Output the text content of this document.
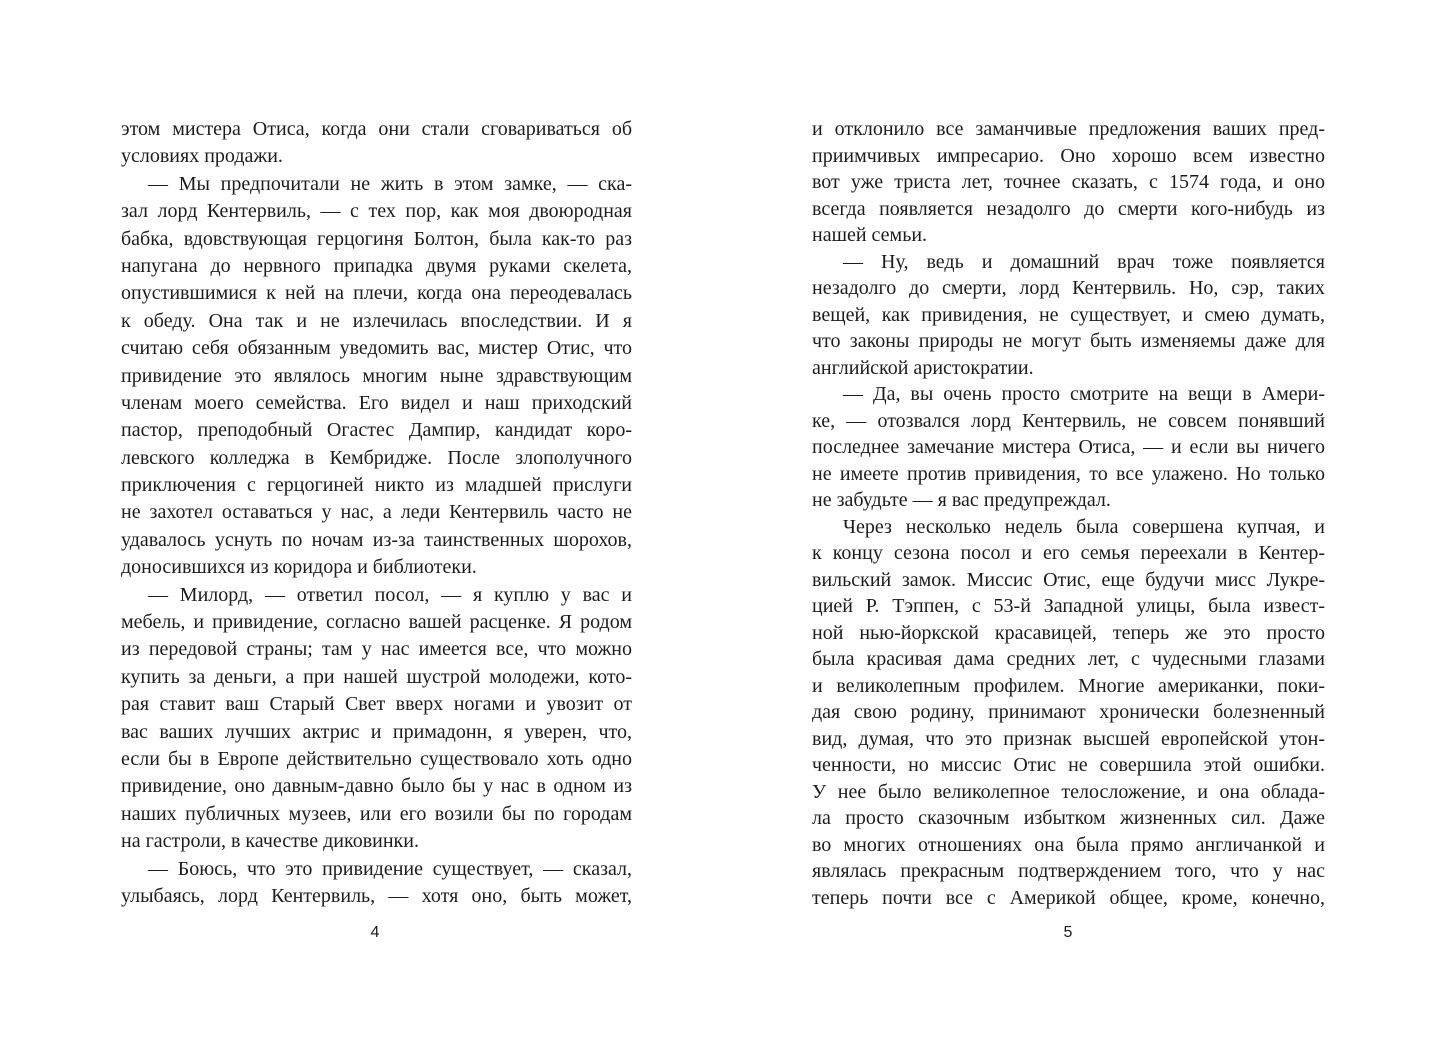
этом мистера Отиса, когда они стали сговариваться об
условиях продажи.
— Мы предпочитали не жить в этом замке, — ска-
зал лорд Кентервиль, — с тех пор, как моя двоюродная
бабка, вдовствующая герцогиня Болтон, была как-то раз
напугана до нервного припадка двумя руками скелета,
опустившимися к ней на плечи, когда она переодевалась
к обеду. Она так и не излечилась впоследствии. И я
считаю себя обязанным уведомить вас, мистер Отис, что
привидение это являлось многим ныне здравствующим
членам моего семейства. Его видел и наш приходский
пастор, преподобный Огастес Дампир, кандидат коро-
левского колледжа в Кембридже. После злополучного
приключения с герцогиней никто из младшей прислуги
не захотел оставаться у нас, а леди Кентервиль часто не
удавалось уснуть по ночам из-за таинственных шорохов,
доносившихся из коридора и библиотеки.
— Милорд, — ответил посол, — я куплю у вас и
мебель, и привидение, согласно вашей расценке. Я родом
из передовой страны; там у нас имеется все, что можно
купить за деньги, а при нашей шустрой молодежи, кото-
рая ставит ваш Старый Свет вверх ногами и увозит от
вас ваших лучших актрис и примадонн, я уверен, что,
если бы в Европе действительно существовало хоть одно
привидение, оно давным-давно было бы у нас в одном из
наших публичных музеев, или его возили бы по городам
на гастроли, в качестве диковинки.
— Боюсь, что это привидение существует, — сказал,
улыбаясь, лорд Кентервиль, — хотя оно, быть может,
4
и отклонило все заманчивые предложения ваших пред-
приимчивых импресарио. Оно хорошо всем известно
вот уже триста лет, точнее сказать, с 1574 года, и оно
всегда появляется незадолго до смерти кого-нибудь из
нашей семьи.
— Ну, ведь и домашний врач тоже появляется
незадолго до смерти, лорд Кентервиль. Но, сэр, таких
вещей, как привидения, не существует, и смею думать,
что законы природы не могут быть изменяемы даже для
английской аристократии.
— Да, вы очень просто смотрите на вещи в Амери-
ке, — отозвался лорд Кентервиль, не совсем понявший
последнее замечание мистера Отиса, — и если вы ничего
не имеете против привидения, то все улажено. Но только
не забудьте — я вас предупреждал.
Через несколько недель была совершена купчая, и
к концу сезона посол и его семья переехали в Кентер-
вильский замок. Миссис Отис, еще будучи мисс Лукре-
цией Р. Тэппен, с 53-й Западной улицы, была извест-
ной нью-йоркской красавицей, теперь же это просто
была красивая дама средних лет, с чудесными глазами
и великолепным профилем. Многие американки, поки-
дая свою родину, принимают хронически болезненный
вид, думая, что это признак высшей европейской утон-
ченности, но миссис Отис не совершила этой ошибки.
У нее было великолепное телосложение, и она облада-
ла просто сказочным избытком жизненных сил. Даже
во многих отношениях она была прямо англичанкой и
являлась прекрасным подтверждением того, что у нас
теперь почти все с Америкой общее, кроме, конечно,
5
